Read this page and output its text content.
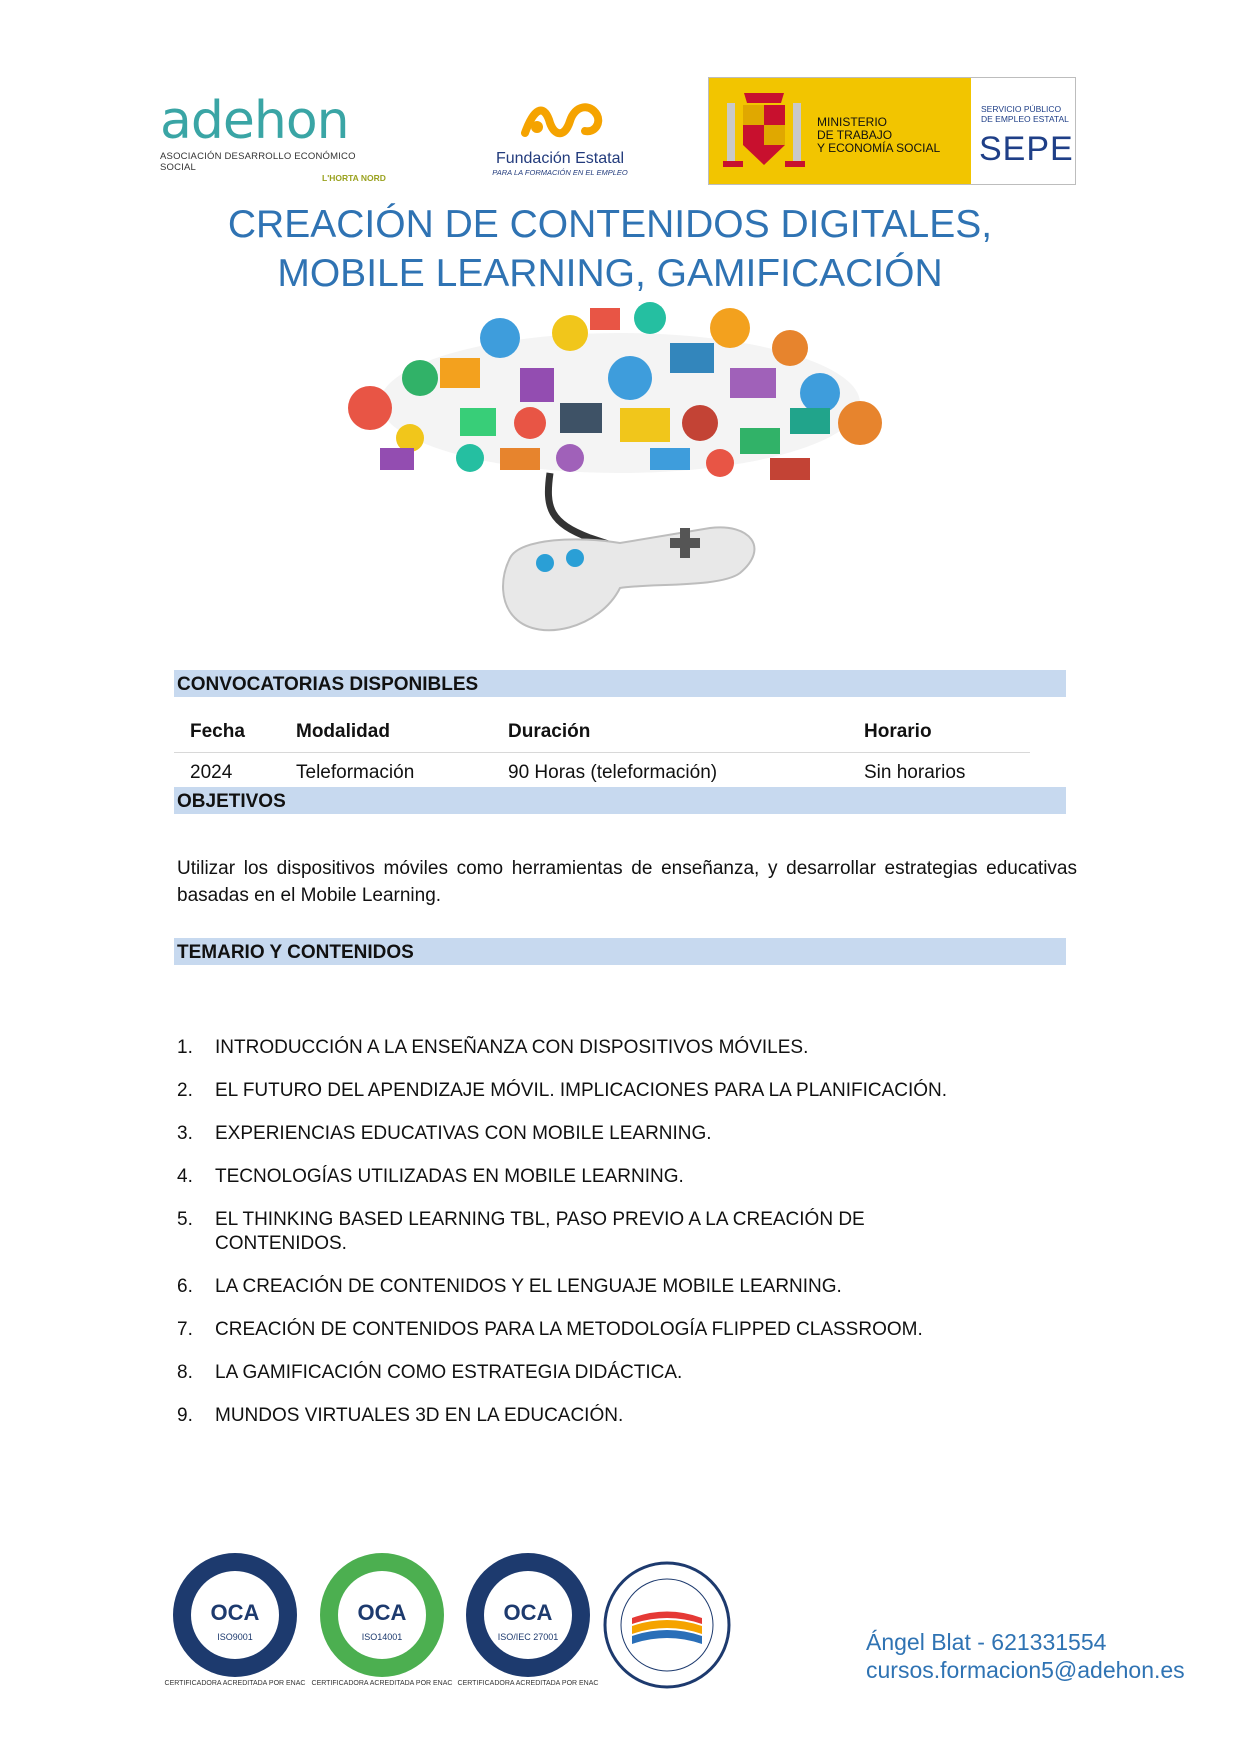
adehon
ASOCIACIÓN DESARROLLO ECONÓMICO SOCIAL
L'HORTA NORD
Fundación Estatal
PARA LA FORMACIÓN EN EL EMPLEO
MINISTERIO
DE TRABAJO
Y ECONOMÍA SOCIAL
SERVICIO PÚBLICO
DE EMPLEO ESTATAL
SEPE
CREACIÓN DE CONTENIDOS DIGITALES,
MOBILE LEARNING, GAMIFICACIÓN
CONVOCATORIAS DISPONIBLES
Fecha	Modalidad	Duración	Horario
2024	Teleformación	90 Horas (teleformación)	Sin horarios
OBJETIVOS
Utilizar los dispositivos móviles como herramientas de enseñanza, y desarrollar estrategias educativas basadas en el Mobile Learning.
TEMARIO Y CONTENIDOS
1. INTRODUCCIÓN A LA ENSEÑANZA CON DISPOSITIVOS MÓVILES.
2. EL FUTURO DEL APENDIZAJE MÓVIL. IMPLICACIONES PARA LA PLANIFICACIÓN.
3. EXPERIENCIAS EDUCATIVAS CON MOBILE LEARNING.
4. TECNOLOGÍAS UTILIZADAS EN MOBILE LEARNING.
5. EL THINKING BASED LEARNING TBL, PASO PREVIO A LA CREACIÓN DE CONTENIDOS.
6. LA CREACIÓN DE CONTENIDOS Y EL LENGUAJE MOBILE LEARNING.
7. CREACIÓN DE CONTENIDOS PARA LA METODOLOGÍA FLIPPED CLASSROOM.
8. LA GAMIFICACIÓN COMO ESTRATEGIA DIDÁCTICA.
9. MUNDOS VIRTUALES 3D EN LA EDUCACIÓN.
OCA
ISO9001
CERTIFICADORA ACREDITADA POR ENAC
OCA
ISO14001
CERTIFICADORA ACREDITADA POR ENAC
OCA
ISO/IEC 27001
CERTIFICADORA ACREDITADA POR ENAC
Ángel Blat - 621331554
cursos.formacion5@adehon.es
